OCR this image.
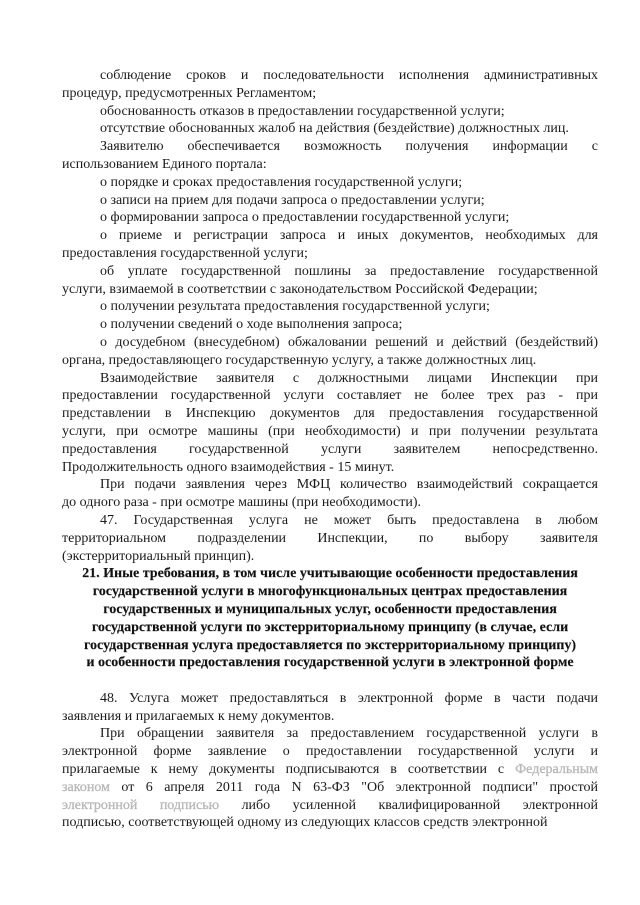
соблюдение сроков и последовательности исполнения административных
процедур, предусмотренных Регламентом;
обоснованность отказов в предоставлении государственной услуги;
отсутствие обоснованных жалоб на действия (бездействие) должностных лиц.
Заявителю обеспечивается возможность получения информации с
использованием Единого портала:
о порядке и сроках предоставления государственной услуги;
о записи на прием для подачи запроса о предоставлении услуги;
о формировании запроса о предоставлении государственной услуги;
о приеме и регистрации запроса и иных документов, необходимых для
предоставления государственной услуги;
об уплате государственной пошлины за предоставление государственной
услуги, взимаемой в соответствии с законодательством Российской Федерации;
о получении результата предоставления государственной услуги;
о получении сведений о ходе выполнения запроса;
о досудебном (внесудебном) обжаловании решений и действий (бездействий)
органа, предоставляющего государственную услугу, а также должностных лиц.
Взаимодействие заявителя с должностными лицами Инспекции при
предоставлении государственной услуги составляет не более трех раз - при
представлении в Инспекцию документов для предоставления государственной
услуги, при осмотре машины (при необходимости) и при получении результата
предоставления государственной услуги заявителем непосредственно.
Продолжительность одного взаимодействия - 15 минут.
При подачи заявления через МФЦ количество взаимодействий сокращается
до одного раза - при осмотре машины (при необходимости).
47. Государственная услуга не может быть предоставлена в любом
территориальном подразделении Инспекции, по выбору заявителя
(экстерриториальный принцип).
21. Иные требования, в том числе учитывающие особенности предоставления
государственной услуги в многофункциональных центрах предоставления
государственных и муниципальных услуг, особенности предоставления
государственной услуги по экстерриториальному принципу (в случае, если
государственная услуга предоставляется по экстерриториальному принципу)
и особенности предоставления государственной услуги в электронной форме
48. Услуга может предоставляться в электронной форме в части подачи
заявления и прилагаемых к нему документов.
При обращении заявителя за предоставлением государственной услуги в
электронной форме заявление о предоставлении государственной услуги и
прилагаемые к нему документы подписываются в соответствии с Федеральным
законом от 6 апреля 2011 года N 63-ФЗ "Об электронной подписи" простой
электронной подписью либо усиленной квалифицированной электронной
подписью, соответствующей одному из следующих классов средств электронной
